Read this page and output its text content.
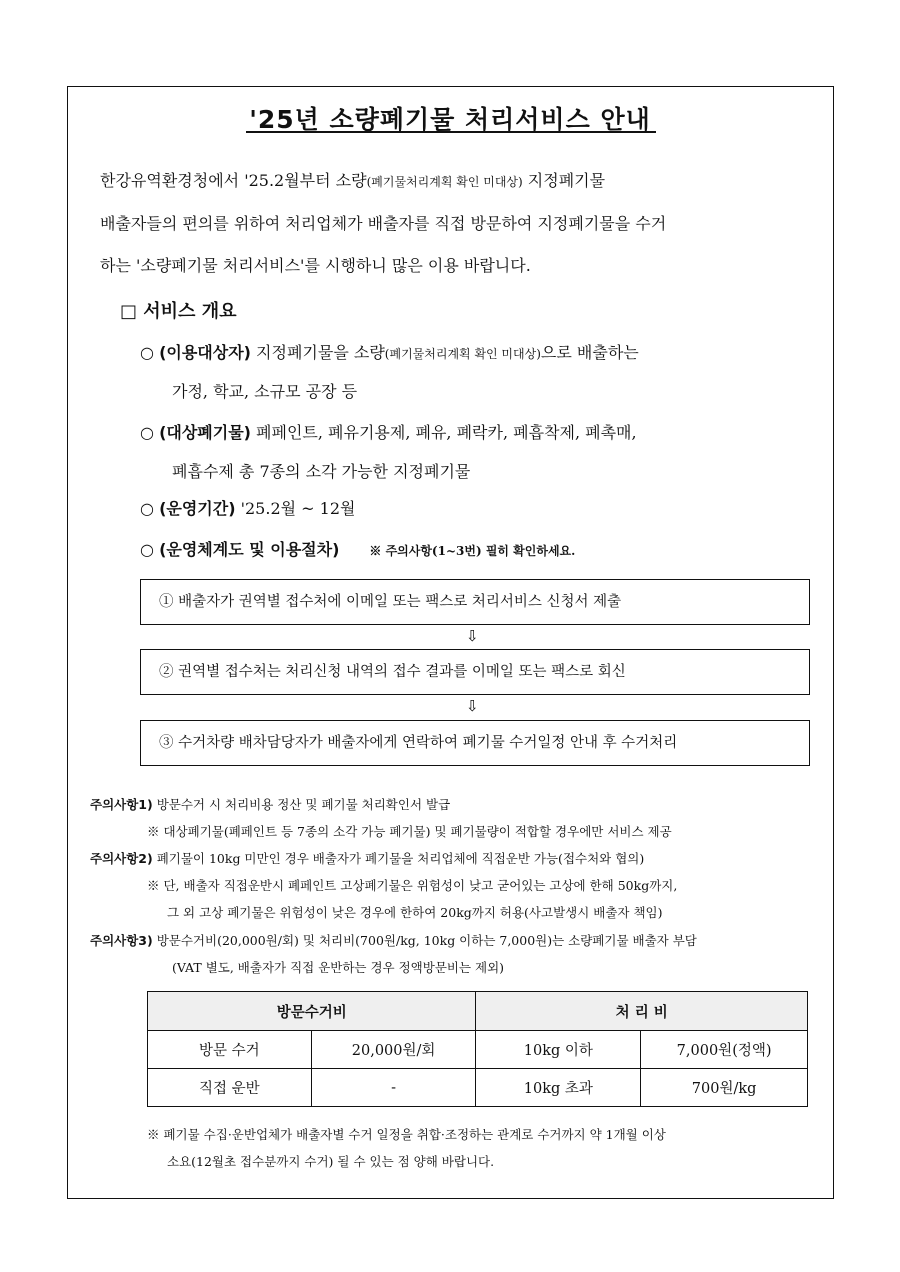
'25년 소량폐기물 처리서비스 안내
한강유역환경청에서 '25.2월부터 소량(폐기물처리계획 확인 미대상) 지정폐기물
배출자들의 편의를 위하여 처리업체가 배출자를 직접 방문하여 지정폐기물을 수거
하는 '소량폐기물 처리서비스'를 시행하니 많은 이용 바랍니다.
□ 서비스 개요
○ (이용대상자) 지정폐기물을 소량(폐기물처리계획 확인 미대상)으로 배출하는
가정, 학교, 소규모 공장 등
○ (대상폐기물) 폐페인트, 폐유기용제, 폐유, 폐락카, 폐흡착제, 폐촉매,
폐흡수제 총 7종의 소각 가능한 지정폐기물
○ (운영기간) '25.2월 ~ 12월
○ (운영체계도 및 이용절차)	※ 주의사항(1~3번) 필히 확인하세요.
① 배출자가 권역별 접수처에 이메일 또는 팩스로 처리서비스 신청서 제출
⇩
② 권역별 접수처는 처리신청 내역의 접수 결과를 이메일 또는 팩스로 회신
⇩
③ 수거차량 배차담당자가 배출자에게 연락하여 폐기물 수거일정 안내 후 수거처리
주의사항1) 방문수거 시 처리비용 정산 및 폐기물 처리확인서 발급
※ 대상폐기물(폐페인트 등 7종의 소각 가능 폐기물) 및 폐기물량이 적합할 경우에만 서비스 제공
주의사항2) 폐기물이 10kg 미만인 경우 배출자가 폐기물을 처리업체에 직접운반 가능(접수처와 협의)
※ 단, 배출자 직접운반시 폐페인트 고상폐기물은 위험성이 낮고 굳어있는 고상에 한해 50kg까지,
그 외 고상 폐기물은 위험성이 낮은 경우에 한하여 20kg까지 허용(사고발생시 배출자 책임)
주의사항3) 방문수거비(20,000원/회) 및 처리비(700원/kg, 10kg 이하는 7,000원)는 소량폐기물 배출자 부담
(VAT 별도, 배출자가 직접 운반하는 경우 정액방문비는 제외)
방문수거비		처 리 비	
방문 수거	20,000원/회	10kg 이하	7,000원(정액)
직접 운반	-	10kg 초과	700원/kg
※ 폐기물 수집·운반업체가 배출자별 수거 일정을 취합·조정하는 관계로 수거까지 약 1개월 이상
소요(12월초 접수분까지 수거) 될 수 있는 점 양해 바랍니다.
